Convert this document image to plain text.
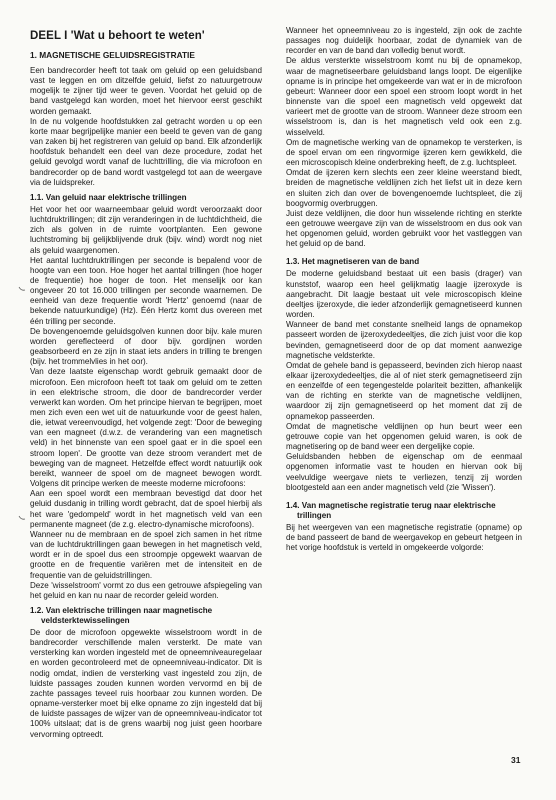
DEEL I 'Wat u behoort te weten'
1. MAGNETISCHE GELUIDSREGISTRATIE

Een bandrecorder heeft tot taak om geluid op een geluidsband vast te leggen en om ditzelfde geluid, liefst zo natuurgetrouw mogelijk te zijner tijd weer te geven. Voordat het geluid op de band vastgelegd kan worden, moet het hiervoor eerst geschikt worden gemaakt.

In de nu volgende hoofdstukken zal getracht worden u op een korte maar begrijpelijke manier een beeld te geven van de gang van zaken bij het registreren van geluid op band. Elk afzonderlijk hoofdstuk behandelt een deel van deze procedure, zodat het geluid gevolgd wordt vanaf de luchttrilling, die via microfoon en bandrecorder op de band wordt vastgelegd tot aan de weergave via de luidspreker.

1.1. Van geluid naar elektrische trillingen

Het voor het oor waarneembaar geluid wordt veroorzaakt door luchtdruktrillingen; dit zijn veranderingen in de luchtdichtheid, die zich als golven in de ruimte voortplanten. Een gewone luchtstroming bij gelijkblijvende druk (bijv. wind) wordt nog niet als geluid waargenomen.

Het aantal luchtdruktrillingen per seconde is bepalend voor de hoogte van een toon. Hoe hoger het aantal trillingen (hoe hoger de frequentie) hoe hoger de toon. Het menselijk oor kan ongeveer 20 tot 16.000 trillingen per seconde waarnemen. De eenheid van deze frequentie wordt 'Hertz' genoemd (naar de bekende natuurkundige) (Hz). Één Hertz komt dus overeen met één trilling per seconde.

De bovengenoemde geluidsgolven kunnen door bijv. kale muren worden gereflecteerd of door bijv. gordijnen worden geabsorbeerd en ze zijn in staat iets anders in trilling te brengen (bijv. het trommelvlies in het oor).

Van deze laatste eigenschap wordt gebruik gemaakt door de microfoon. Een microfoon heeft tot taak om geluid om te zetten in een elektrische stroom, die door de bandrecorder verder verwerkt kan worden. Om het principe hiervan te begrijpen, moet men zich even een wet uit de natuurkunde voor de geest halen, die, ietwat vereenvoudigd, het volgende zegt: 'Door de beweging van een magneet (d.w.z. de verandering van een magnetisch veld) in het binnenste van een spoel gaat er in die spoel een stroom lopen'. De grootte van deze stroom verandert met de beweging van de magneet. Hetzelfde effect wordt natuurlijk ook bereikt, wanneer de spoel om de magneet bewogen wordt. Volgens dit principe werken de meeste moderne microfoons:

Aan een spoel wordt een membraan bevestigd dat door het geluid dusdanig in trilling wordt gebracht, dat de spoel hierbij als het ware 'gedompeld' wordt in het magnetisch veld van een permanente magneet (de z.g. electro-dynamische microfoons).

Wanneer nu de membraan en de spoel zich samen in het ritme van de luchtdruktrillingen gaan bewegen in het magnetisch veld, wordt er in de spoel dus een stroompje opgewekt waarvan de grootte en de frequentie variëren met de intensiteit en de frequentie van de geluidstrillingen.

Deze 'wisselstroom' vormt zo dus een getrouwe afspiegeling van het geluid en kan nu naar de recorder geleid worden.

1.2. Van elektrische trillingen naar magnetische
veldsterktewisselingen

De door de microfoon opgewekte wisselstroom wordt in de bandrecorder verschillende malen versterkt. De mate van versterking kan worden ingesteld met de opneemniveauregelaar en worden gecontroleerd met de opneemniveau-indicator. Dit is nodig omdat, indien de versterking vast ingesteld zou zijn, de luidste passages zouden kunnen worden vervormd en bij de zachte passages teveel ruis hoorbaar zou kunnen worden. De opname-versterker moet bij elke opname zo zijn ingesteld dat bij de luidste passages de wijzer van de opneemniveau-indicator tot 100% uitslaat; dat is de grens waarbij nog juist geen hoorbare vervorming optreedt.

Wanneer het opneemniveau zo is ingesteld, zijn ook de zachte passages nog duidelijk hoorbaar, zodat de dynamiek van de recorder en van de band dan volledig benut wordt.

De aldus versterkte wisselstroom komt nu bij de opnamekop, waar de magnetiseerbare geluidsband langs loopt. De eigenlijke opname is in principe het omgekeerde van wat er in de microfoon gebeurt: Wanneer door een spoel een stroom loopt wordt in het binnenste van die spoel een magnetisch veld opgewekt dat varieert met de grootte van de stroom. Wanneer deze stroom een wisselstroom is, dan is het magnetisch veld ook een z.g. wisselveld.

Om de magnetische werking van de opnamekop te versterken, is de spoel ervan om een ringvormige ijzeren kern gewikkeld, die een microscopisch kleine onderbreking heeft, de z.g. luchtspleet.

Omdat de ijzeren kern slechts een zeer kleine weerstand biedt, breiden de magnetische veldlijnen zich het liefst uit in deze kern en sluiten zich dan over de bovengenoemde luchtspleet, die zij boogvormig overbruggen.

Juist deze veldlijnen, die door hun wisselende richting en sterkte een getrouwe weergave zijn van de wisselstroom en dus ook van het opgenomen geluid, worden gebruikt voor het vastleggen van het geluid op de band.

1.3. Het magnetiseren van de band

De moderne geluidsband bestaat uit een basis (drager) van kunststof, waarop een heel gelijkmatig laagje ijzeroxyde is aangebracht. Dit laagje bestaat uit vele microscopisch kleine deeltjes ijzeroxyde, die ieder afzonderlijk gemagnetiseerd kunnen worden.

Wanneer de band met constante snelheid langs de opnamekop passeert worden de ijzeroxydedeeltjes, die zich juist voor die kop bevinden, gemagnetiseerd door de op dat moment aanwezige magnetische veldsterkte.

Omdat de gehele band is gepasseerd, bevinden zich hierop naast elkaar ijzeroxydedeeltjes, die al of niet sterk gemagnetiseerd zijn en eenzelfde of een tegengestelde polariteit bezitten, afhankelijk van de richting en sterkte van de magnetische veldlijnen, waardoor zij zijn gemagnetiseerd op het moment dat zij de opnamekop passeerden.

Omdat de magnetische veldlijnen op hun beurt weer een getrouwe copie van het opgenomen geluid waren, is ook de magnetisering op de band weer een dergelijke copie.

Geluidsbanden hebben de eigenschap om de eenmaal opgenomen informatie vast te houden en hiervan ook bij veelvuldige weergave niets te verliezen, tenzij zij worden blootgesteld aan een ander magnetisch veld (zie 'Wissen').

1.4. Van magnetische registratie terug naar elektrische
trillingen

Bij het weergeven van een magnetische registratie (opname) op de band passeert de band de weergavekop en gebeurt hetgeen in het vorige hoofdstuk is verteld in omgekeerde volgorde:

31
